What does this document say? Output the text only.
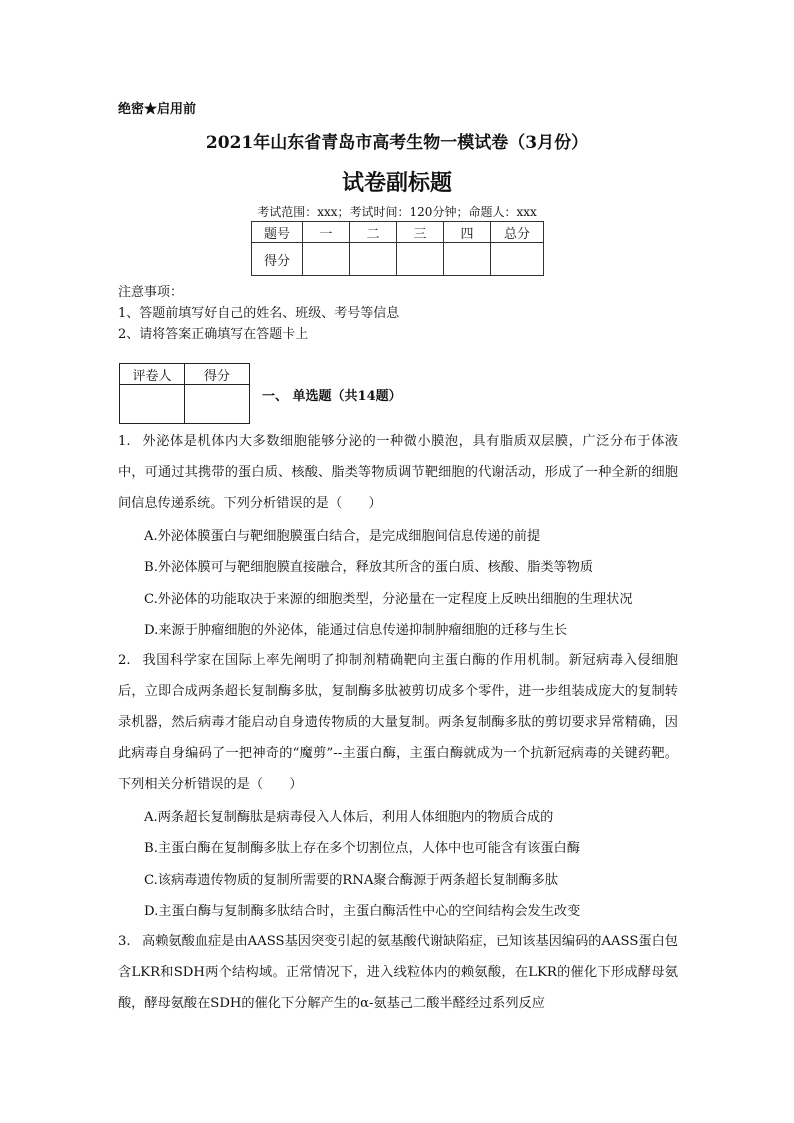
绝密★启用前
2021年山东省青岛市高考生物一模试卷（3月份）
试卷副标题
考试范围：xxx；考试时间：120分钟；命题人：xxx
题号	一	二	三	四	总分
得分					
注意事项：
1、答题前填写好自己的姓名、班级、考号等信息
2、请将答案正确填写在答题卡上
评卷人	得分

一、 单选题（共14题）
1. 外泌体是机体内大多数细胞能够分泌的一种微小膜泡，具有脂质双层膜，广泛分布于体液中，可通过其携带的蛋白质、核酸、脂类等物质调节靶细胞的代谢活动，形成了一种全新的细胞间信息传递系统。下列分析错误的是（　　）
A.外泌体膜蛋白与靶细胞膜蛋白结合，是完成细胞间信息传递的前提
B.外泌体膜可与靶细胞膜直接融合，释放其所含的蛋白质、核酸、脂类等物质
C.外泌体的功能取决于来源的细胞类型，分泌量在一定程度上反映出细胞的生理状况
D.来源于肿瘤细胞的外泌体，能通过信息传递抑制肿瘤细胞的迁移与生长
2. 我国科学家在国际上率先阐明了抑制剂精确靶向主蛋白酶的作用机制。新冠病毒入侵细胞后，立即合成两条超长复制酶多肽，复制酶多肽被剪切成多个零件，进一步组装成庞大的复制转录机器，然后病毒才能启动自身遗传物质的大量复制。两条复制酶多肽的剪切要求异常精确，因此病毒自身编码了一把神奇的“魔剪”--主蛋白酶，主蛋白酶就成为一个抗新冠病毒的关键药靶。下列相关分析错误的是（　　）
A.两条超长复制酶肽是病毒侵入人体后，利用人体细胞内的物质合成的
B.主蛋白酶在复制酶多肽上存在多个切割位点，人体中也可能含有该蛋白酶
C.该病毒遗传物质的复制所需要的RNA聚合酶源于两条超长复制酶多肽
D.主蛋白酶与复制酶多肽结合时，主蛋白酶活性中心的空间结构会发生改变
3. 高赖氨酸血症是由AASS基因突变引起的氨基酸代谢缺陷症，已知该基因编码的AASS蛋白包含LKR和SDH两个结构域。正常情况下，进入线粒体内的赖氨酸，在LKR的催化下形成酵母氨酸，酵母氨酸在SDH的催化下分解产生的α-氨基己二酸半醛经过系列反应
